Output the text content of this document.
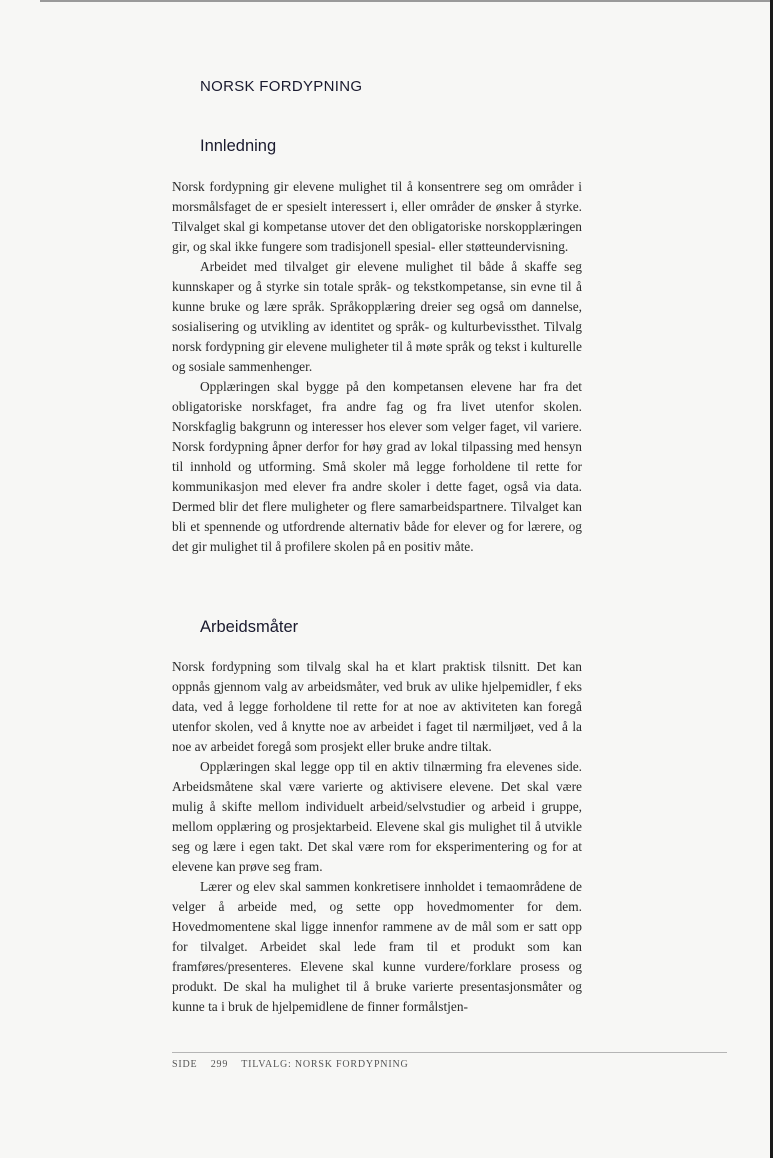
NORSK FORDYPNING
Innledning

Norsk fordypning gir elevene mulighet til å konsentrere seg om områder i morsmålsfaget de er spesielt interessert i, eller områder de ønsker å styrke. Tilvalget skal gi kompetanse utover det den obligatoriske norskopplæringen gir, og skal ikke fungere som tradisjonell spesial- eller støtteundervisning.

Arbeidet med tilvalget gir elevene mulighet til både å skaffe seg kunnskaper og å styrke sin totale språk- og tekstkompetanse, sin evne til å kunne bruke og lære språk. Språkopplæring dreier seg også om dannelse, sosialisering og utvikling av identitet og språk- og kulturbevissthet. Tilvalg norsk fordypning gir elevene muligheter til å møte språk og tekst i kulturelle og sosiale sammenhenger.

Opplæringen skal bygge på den kompetansen elevene har fra det obligatoriske norskfaget, fra andre fag og fra livet utenfor skolen. Norskfaglig bakgrunn og interesser hos elever som velger faget, vil variere. Norsk fordypning åpner derfor for høy grad av lokal tilpassing med hensyn til innhold og utforming. Små skoler må legge forholdene til rette for kommunikasjon med elever fra andre skoler i dette faget, også via data. Dermed blir det flere muligheter og flere samarbeidspartnere. Tilvalget kan bli et spennende og utfordrende alternativ både for elever og for lærere, og det gir mulighet til å profilere skolen på en positiv måte.

Arbeidsmåter

Norsk fordypning som tilvalg skal ha et klart praktisk tilsnitt. Det kan oppnås gjennom valg av arbeidsmåter, ved bruk av ulike hjelpemidler, f eks data, ved å legge forholdene til rette for at noe av aktiviteten kan foregå utenfor skolen, ved å knytte noe av arbeidet i faget til nærmiljøet, ved å la noe av arbeidet foregå som prosjekt eller bruke andre tiltak.

Opplæringen skal legge opp til en aktiv tilnærming fra elevenes side. Arbeidsmåtene skal være varierte og aktivisere elevene. Det skal være mulig å skifte mellom individuelt arbeid/selvstudier og arbeid i gruppe, mellom opplæring og prosjektarbeid. Elevene skal gis mulighet til å utvikle seg og lære i egen takt. Det skal være rom for eksperimentering og for at elevene kan prøve seg fram.

Lærer og elev skal sammen konkretisere innholdet i temaområdene de velger å arbeide med, og sette opp hovedmomenter for dem. Hovedmomentene skal ligge innenfor rammene av de mål som er satt opp for tilvalget. Arbeidet skal lede fram til et produkt som kan framføres/presenteres. Elevene skal kunne vurdere/forklare prosess og produkt. De skal ha mulighet til å bruke varierte presentasjonsmåter og kunne ta i bruk de hjelpemidlene de finner formålstjen-

SIDE 299 TILVALG: NORSK FORDYPNING
